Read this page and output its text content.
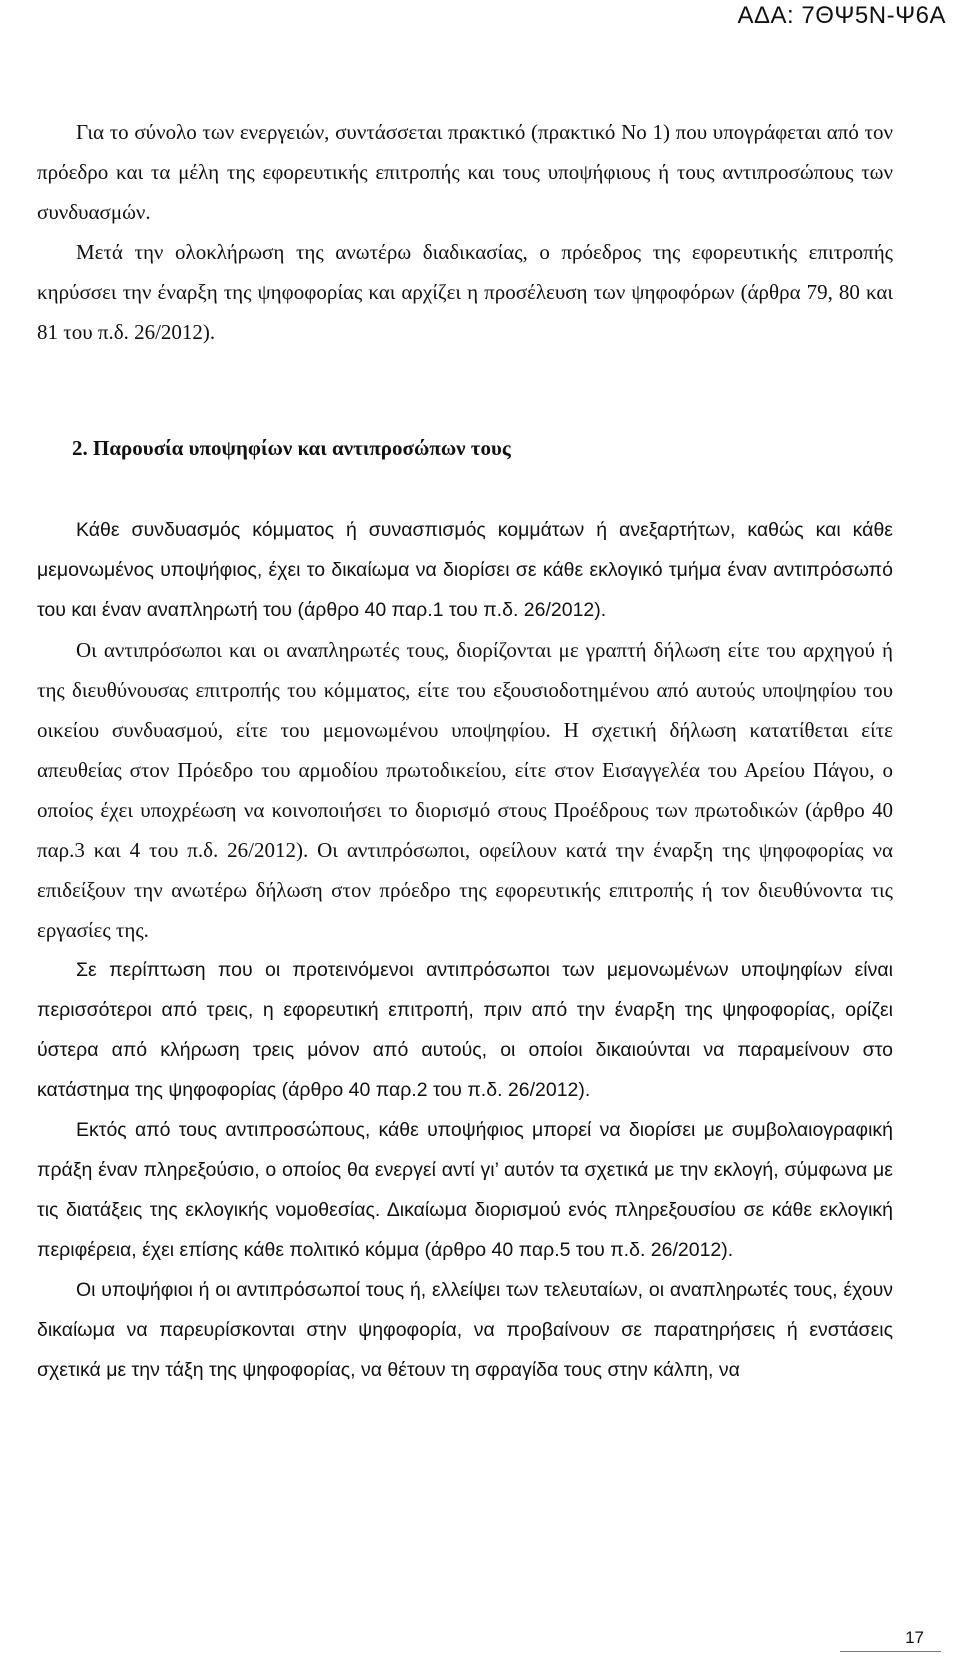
ΑΔΑ: 7ΘΨ5Ν-Ψ6Α

Για το σύνολο των ενεργειών, συντάσσεται πρακτικό (πρακτικό Νο 1) που υπογράφεται από τον πρόεδρο και τα μέλη της εφορευτικής επιτροπής και τους υποψήφιους ή τους αντιπροσώπους των συνδυασμών.

Μετά την ολοκλήρωση της ανωτέρω διαδικασίας, ο πρόεδρος της εφορευτικής επιτροπής κηρύσσει την έναρξη της ψηφοφορίας και αρχίζει η προσέλευση των ψηφοφόρων (άρθρα 79, 80 και 81 του π.δ. 26/2012).

2. Παρουσία υποψηφίων και αντιπροσώπων τους

Κάθε συνδυασμός κόμματος ή συνασπισμός κομμάτων ή ανεξαρτήτων, καθώς και κάθε μεμονωμένος υποψήφιος, έχει το δικαίωμα να διορίσει σε κάθε εκλογικό τμήμα έναν αντιπρόσωπό του και έναν αναπληρωτή του (άρθρο 40 παρ.1 του π.δ. 26/2012).

Οι αντιπρόσωποι και οι αναπληρωτές τους, διορίζονται με γραπτή δήλωση είτε του αρχηγού ή της διευθύνουσας επιτροπής του κόμματος, είτε του εξουσιοδοτημένου από αυτούς υποψηφίου του οικείου συνδυασμού, είτε του μεμονωμένου υποψηφίου. Η σχετική δήλωση κατατίθεται είτε απευθείας στον Πρόεδρο του αρμοδίου πρωτοδικείου, είτε στον Εισαγγελέα του Αρείου Πάγου, ο οποίος έχει υποχρέωση να κοινοποιήσει το διορισμό στους Προέδρους των πρωτοδικών (άρθρο 40 παρ.3 και 4 του π.δ. 26/2012). Οι αντιπρόσωποι, οφείλουν κατά την έναρξη της ψηφοφορίας να επιδείξουν την ανωτέρω δήλωση στον πρόεδρο της εφορευτικής επιτροπής ή τον διευθύνοντα τις εργασίες της.

Σε περίπτωση που οι προτεινόμενοι αντιπρόσωποι των μεμονωμένων υποψηφίων είναι περισσότεροι από τρεις, η εφορευτική επιτροπή, πριν από την έναρξη της ψηφοφορίας, ορίζει ύστερα από κλήρωση τρεις μόνον από αυτούς, οι οποίοι δικαιούνται να παραμείνουν στο κατάστημα της ψηφοφορίας (άρθρο 40 παρ.2 του π.δ. 26/2012).

Εκτός από τους αντιπροσώπους, κάθε υποψήφιος μπορεί να διορίσει με συμβολαιογραφική πράξη έναν πληρεξούσιο, ο οποίος θα ενεργεί αντί γι’ αυτόν τα σχετικά με την εκλογή, σύμφωνα με τις διατάξεις της εκλογικής νομοθεσίας. Δικαίωμα διορισμού ενός πληρεξουσίου σε κάθε εκλογική περιφέρεια, έχει επίσης κάθε πολιτικό κόμμα (άρθρο 40 παρ.5 του π.δ. 26/2012).

Οι υποψήφιοι ή οι αντιπρόσωποί τους ή, ελλείψει των τελευταίων, οι αναπληρωτές τους, έχουν δικαίωμα να παρευρίσκονται στην ψηφοφορία, να προβαίνουν σε παρατηρήσεις ή ενστάσεις σχετικά με την τάξη της ψηφοφορίας, να θέτουν τη σφραγίδα τους στην κάλπη, να

17
